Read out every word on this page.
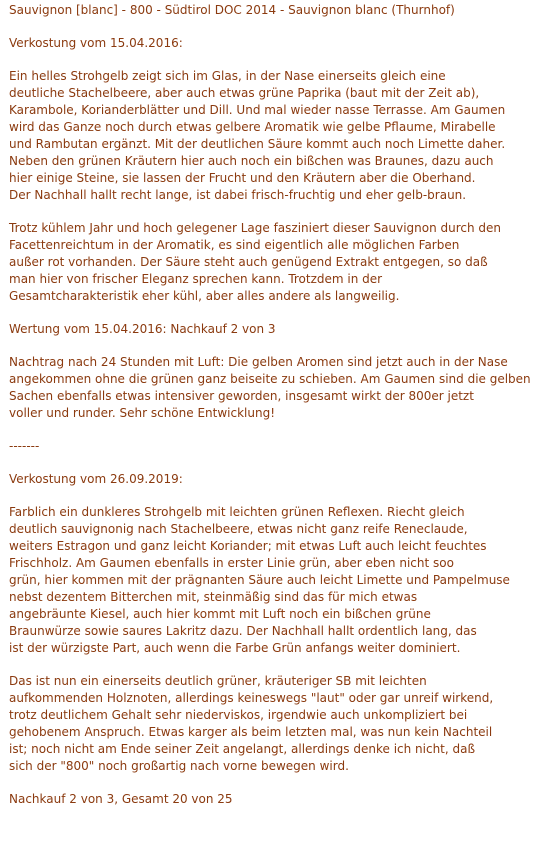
Sauvignon [blanc] - 800 - Südtirol DOC 2014 - Sauvignon blanc (Thurnhof)
Verkostung vom 15.04.2016:
Ein helles Strohgelb zeigt sich im Glas, in der Nase einerseits gleich eine
deutliche Stachelbeere, aber auch etwas grüne Paprika (baut mit der Zeit ab),
Karambole, Korianderblätter und Dill. Und mal wieder nasse Terrasse. Am Gaumen
wird das Ganze noch durch etwas gelbere Aromatik wie gelbe Pflaume, Mirabelle
und Rambutan ergänzt. Mit der deutlichen Säure kommt auch noch Limette daher.
Neben den grünen Kräutern hier auch noch ein bißchen was Braunes, dazu auch
hier einige Steine, sie lassen der Frucht und den Kräutern aber die Oberhand.
Der Nachhall hallt recht lange, ist dabei frisch-fruchtig und eher gelb-braun.
Trotz kühlem Jahr und hoch gelegener Lage fasziniert dieser Sauvignon durch den
Facettenreichtum in der Aromatik, es sind eigentlich alle möglichen Farben
außer rot vorhanden. Der Säure steht auch genügend Extrakt entgegen, so daß
man hier von frischer Eleganz sprechen kann. Trotzdem in der
Gesamtcharakteristik eher kühl, aber alles andere als langweilig.
Wertung vom 15.04.2016: Nachkauf 2 von 3
Nachtrag nach 24 Stunden mit Luft: Die gelben Aromen sind jetzt auch in der Nase
angekommen ohne die grünen ganz beiseite zu schieben. Am Gaumen sind die gelben
Sachen ebenfalls etwas intensiver geworden, insgesamt wirkt der 800er jetzt
voller und runder. Sehr schöne Entwicklung!
-------
Verkostung vom 26.09.2019:
Farblich ein dunkleres Strohgelb mit leichten grünen Reflexen. Riecht gleich
deutlich sauvignonig nach Stachelbeere, etwas nicht ganz reife Reneclaude,
weiters Estragon und ganz leicht Koriander; mit etwas Luft auch leicht feuchtes
Frischholz. Am Gaumen ebenfalls in erster Linie grün, aber eben nicht soo
grün, hier kommen mit der prägnanten Säure auch leicht Limette und Pampelmuse
nebst dezentem Bitterchen mit, steinmäßig sind das für mich etwas
angebräunte Kiesel, auch hier kommt mit Luft noch ein bißchen grüne
Braunwürze sowie saures Lakritz dazu. Der Nachhall hallt ordentlich lang, das
ist der würzigste Part, auch wenn die Farbe Grün anfangs weiter dominiert.
Das ist nun ein einerseits deutlich grüner, kräuteriger SB mit leichten
aufkommenden Holznoten, allerdings keineswegs "laut" oder gar unreif wirkend,
trotz deutlichem Gehalt sehr niederviskos, irgendwie auch unkompliziert bei
gehobenem Anspruch. Etwas karger als beim letzten mal, was nun kein Nachteil
ist; noch nicht am Ende seiner Zeit angelangt, allerdings denke ich nicht, daß
sich der "800" noch großartig nach vorne bewegen wird.
Nachkauf 2 von 3, Gesamt 20 von 25
